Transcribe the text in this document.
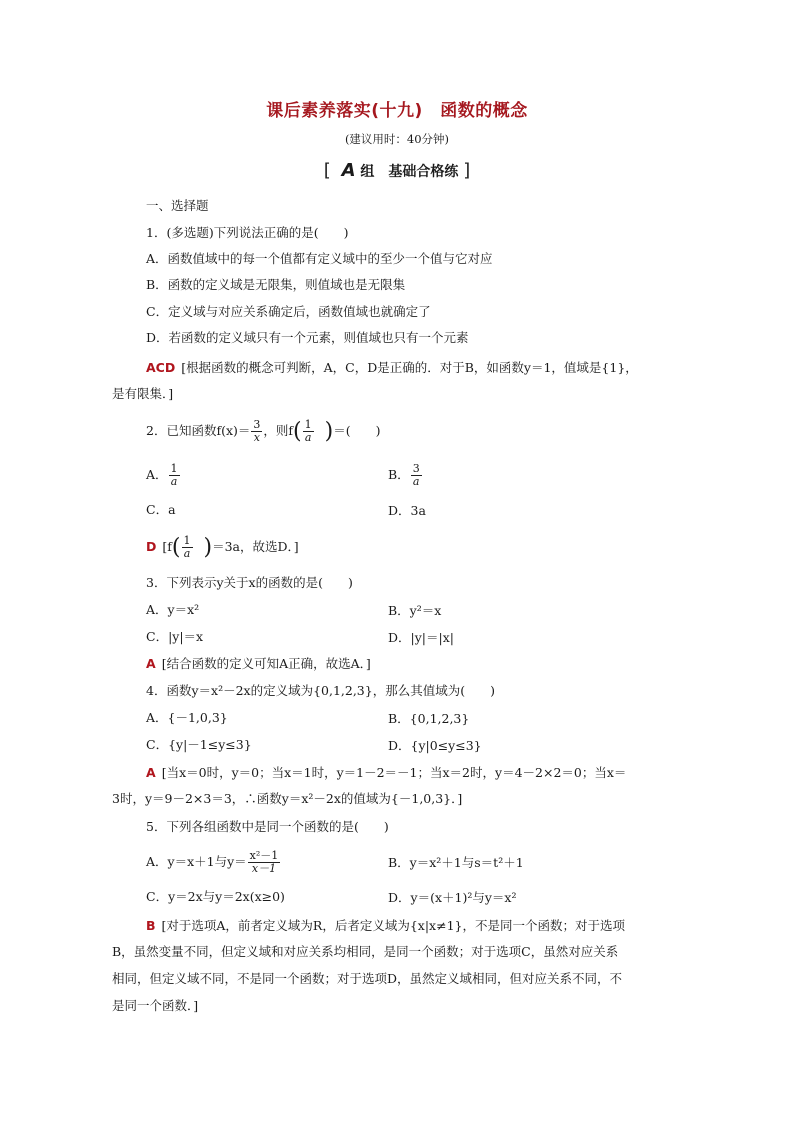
课后素养落实(十九)　函数的概念
(建议用时：40分钟)
[ A 组　基础合格练 ]
一、选择题
1．(多选题)下列说法正确的是(　　)
A．函数值域中的每一个值都有定义域中的至少一个值与它对应
B．函数的定义域是无限集，则值域也是无限集
C．定义域与对应关系确定后，函数值域也就确定了
D．若函数的定义域只有一个元素，则值域也只有一个元素
ACD [根据函数的概念可判断，A，C，D是正确的．对于B，如函数y＝1，值域是{1}，
是有限集．]
2．已知函数$f(x)= \frac{3}{x}$ ，则$f( \frac{1}{a}$ )＝(　　)
A． $\frac{1}{a}$	B． $\frac{3}{a}$
C．a	D．3a
D [$f( \frac{1}{a} )=3a$，故选D．]
3．下列表示y关于x的函数的是(　　)
A．y＝x²	B．y²＝x
C．|y|＝x	D．|y|＝|x|
A [结合函数的定义可知A正确，故选A．]
4．函数y＝x²－2x的定义域为{0,1,2,3}，那么其值域为(　　)
A．{－1,0,3}	B．{0,1,2,3}
C．{y|－1≤y≤3}	D．{y|0≤y≤3}
A [当x＝0时，y＝0；当x＝1时，y＝1－2＝－1；当x＝2时，y＝4－2×2＝0；当x＝
3时，y＝9－2×3＝3，∴函数y＝x²－2x的值域为{－1,0,3}．]
5．下列各组函数中是同一个函数的是(　　)
A．y＝x＋1与$y= \frac{\text{x²－1}}{x-1}$	B．y＝x²＋1与s＝t²＋1
C．y＝2x与y＝2x(x≥0)	D．y＝(x＋1)²与y＝x²
B [对于选项A，前者定义域为R，后者定义域为{x|x≠1}，不是同一个函数；对于选项
B，虽然变量不同，但定义域和对应关系均相同，是同一个函数；对于选项C，虽然对应关系
相同，但定义域不同，不是同一个函数；对于选项D，虽然定义域相同，但对应关系不同，不
是同一个函数．]
